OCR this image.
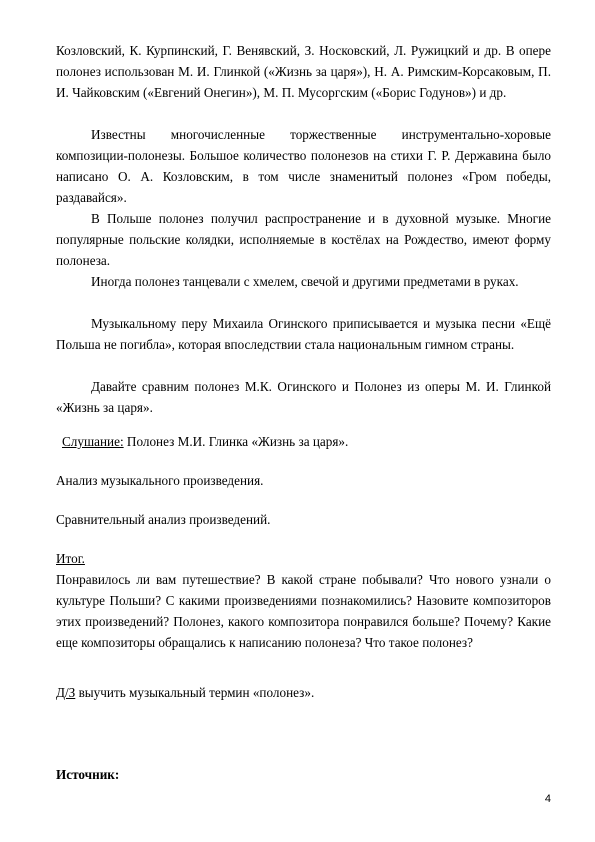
Козловский, К. Курпинский, Г. Венявский, З. Носковский, Л. Ружицкий и др. В опере полонез использован М. И. Глинкой («Жизнь за царя»), Н. А. Римским-Корсаковым, П. И. Чайковским («Евгений Онегин»), М. П. Мусоргским («Борис Годунов») и др.

Известны многочисленные торжественные инструментально-хоровые композиции-полонезы. Большое количество полонезов на стихи Г. Р. Державина было написано О. А. Козловским, в том числе знаменитый полонез «Гром победы, раздавайся».

В Польше полонез получил распространение и в духовной музыке. Многие популярные польские колядки, исполняемые в костёлах на Рождество, имеют форму полонеза.

Иногда полонез танцевали с хмелем, свечой и другими предметами в руках.

Музыкальному перу Михаила Огинского приписывается и музыка песни «Ещё Польша не погибла», которая впоследствии стала национальным гимном страны.

Давайте сравним полонез М.К. Огинского и Полонез из оперы М. И. Глинкой «Жизнь за царя».

Слушание: Полонез М.И. Глинка «Жизнь за царя».

Анализ музыкального произведения.

Сравнительный анализ произведений.

Итог.

Понравилось ли вам путешествие? В какой стране побывали? Что нового узнали о культуре Польши? С какими произведениями познакомились? Назовите композиторов этих произведений? Полонез, какого композитора понравился больше? Почему? Какие еще композиторы обращались к написанию полонеза? Что такое полонез?

Д/З выучить музыкальный термин «полонез».

Источник:

4
